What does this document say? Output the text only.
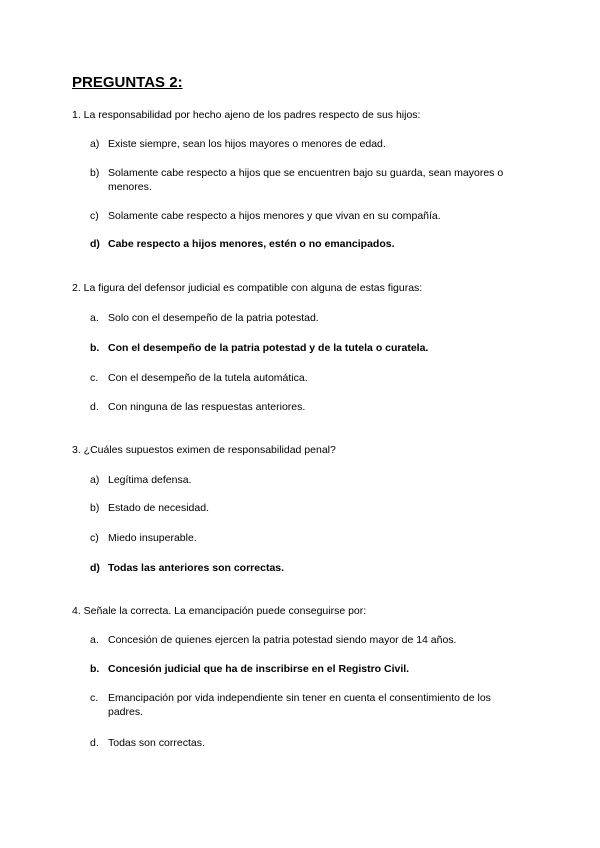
PREGUNTAS 2:
1. La responsabilidad por hecho ajeno de los padres respecto de sus hijos:
a) Existe siempre, sean los hijos mayores o menores de edad.
b) Solamente cabe respecto a hijos que se encuentren bajo su guarda, sean mayores o menores.
c) Solamente cabe respecto a hijos menores y que vivan en su compañía.
d) Cabe respecto a hijos menores, estén o no emancipados.
2. La figura del defensor judicial es compatible con alguna de estas figuras:
a. Solo con el desempeño de la patria potestad.
b. Con el desempeño de la patria potestad y de la tutela o curatela.
c. Con el desempeño de la tutela automática.
d. Con ninguna de las respuestas anteriores.
3. ¿Cuáles supuestos eximen de responsabilidad penal?
a) Legítima defensa.
b) Estado de necesidad.
c) Miedo insuperable.
d) Todas las anteriores son correctas.
4. Señale la correcta. La emancipación puede conseguirse por:
a. Concesión de quienes ejercen la patria potestad siendo mayor de 14 años.
b. Concesión judicial que ha de inscribirse en el Registro Civil.
c. Emancipación por vida independiente sin tener en cuenta el consentimiento de los padres.
d. Todas son correctas.
